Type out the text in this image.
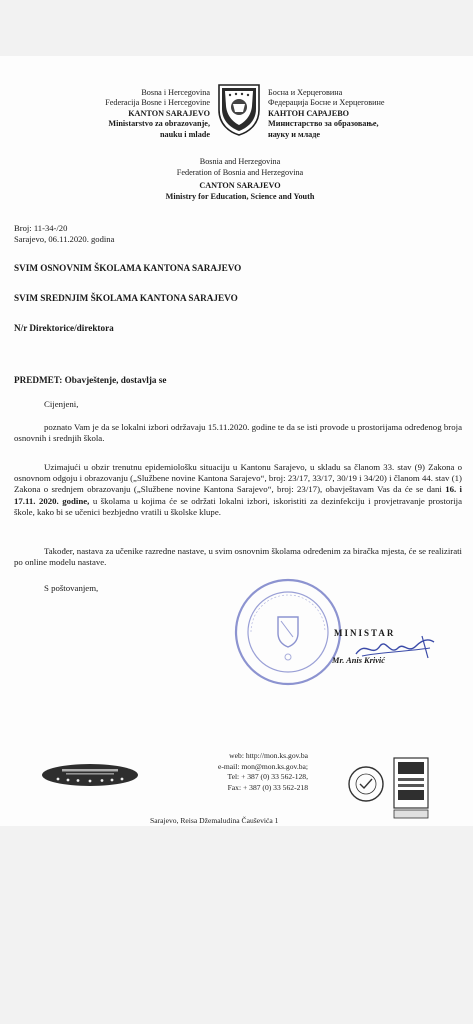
Bosna i Hercegovina
Federacija Bosne i Hercegovine
KANTON SARAJEVO
Ministarstvo za obrazovanje,
nauku i mlade
Босна и Херцеговина
Федерација Босне и Херцеговине
КАНТОН САРАЈЕВО
Министарство за образовање,
науку и младе
Bosnia and Herzegovina
Federation of Bosnia and Herzegovina
CANTON SARAJEVO
Ministry for Education, Science and Youth
Broj: 11-34-/20
Sarajevo, 06.11.2020. godina
SVIM OSNOVNIM ŠKOLAMA KANTONA SARAJEVO
SVIM SREDNJIM ŠKOLAMA KANTONA SARAJEVO
N/r Direktorice/direktora
PREDMET: Obavještenje, dostavlja se
Cijenjeni,
poznato Vam je da se lokalni izbori održavaju 15.11.2020. godine te da se isti provode u prostorijama određenog broja osnovnih i srednjih škola.
Uzimajući u obzir trenutnu epidemiološku situaciju u Kantonu Sarajevo, u skladu sa članom 33. stav (9) Zakona o osnovnom odgoju i obrazovanju („Službene novine Kantona Sarajevo“, broj: 23/17, 33/17, 30/19 i 34/20) i članom 44. stav (1) Zakona o srednjem obrazovanju („Službene novine Kantona Sarajevo“, broj: 23/17), obavještavam Vas da će se dani 16. i 17.11. 2020. godine, u školama u kojima će se održati lokalni izbori, iskoristiti za dezinfekciju i provjetravanje prostorija škole, kako bi se učenici bezbjedno vratili u školske klupe.
Također, nastava za učenike razredne nastave, u svim osnovnim školama određenim za biračka mjesta, će se realizirati po online modelu nastave.
S poštovanjem,
MINISTAR
Mr. Anis Krivić
web: http://mon.ks.gov.ba
e-mail: mon@mon.ks.gov.ba;
Tel: + 387 (0) 33 562-128,
Fax: + 387 (0) 33 562-218
Sarajevo, Reisa Džemaludina Čauševića 1
